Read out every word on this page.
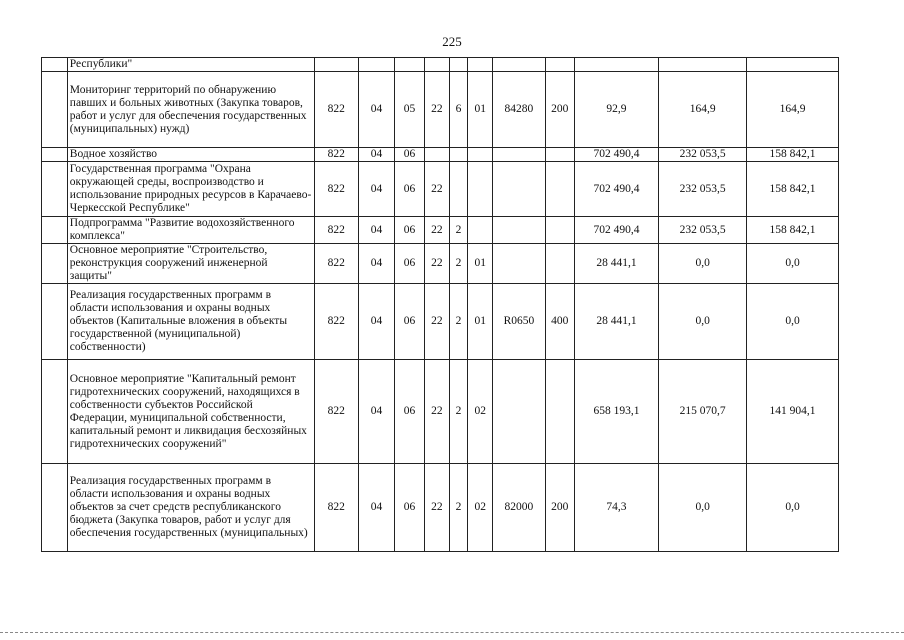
225
	Республики"											
	Мониторинг территорий по обнаружению павших и больных животных (Закупка товаров, работ и услуг для обеспечения государственных (муниципальных) нужд)	822	04	05	22	6	01	84280	200	92,9	164,9	164,9
	Водное хозяйство	822	04	06						702 490,4	232 053,5	158 842,1
	Государственная программа "Охрана окружающей среды, воспроизводство и использование природных ресурсов в Карачаево-Черкесской Республике"	822	04	06	22					702 490,4	232 053,5	158 842,1
	Подпрограмма "Развитие водохозяйственного комплекса"	822	04	06	22	2				702 490,4	232 053,5	158 842,1
	Основное мероприятие "Строительство, реконструкция сооружений инженерной защиты"	822	04	06	22	2	01			28 441,1	0,0	0,0
	Реализация государственных программ в области использования и охраны водных объектов (Капитальные вложения в объекты государственной (муниципальной) собственности)	822	04	06	22	2	01	R0650	400	28 441,1	0,0	0,0
	Основное мероприятие "Капитальный ремонт гидротехнических сооружений, находящихся в собственности субъектов Российской Федерации, муниципальной собственности, капитальный ремонт и ликвидация бесхозяйных гидротехнических сооружений"	822	04	06	22	2	02			658 193,1	215 070,7	141 904,1
	Реализация государственных программ в области использования и охраны водных объектов за счет средств республиканского бюджета (Закупка товаров, работ и услуг для обеспечения государственных (муниципальных)	822	04	06	22	2	02	82000	200	74,3	0,0	0,0
